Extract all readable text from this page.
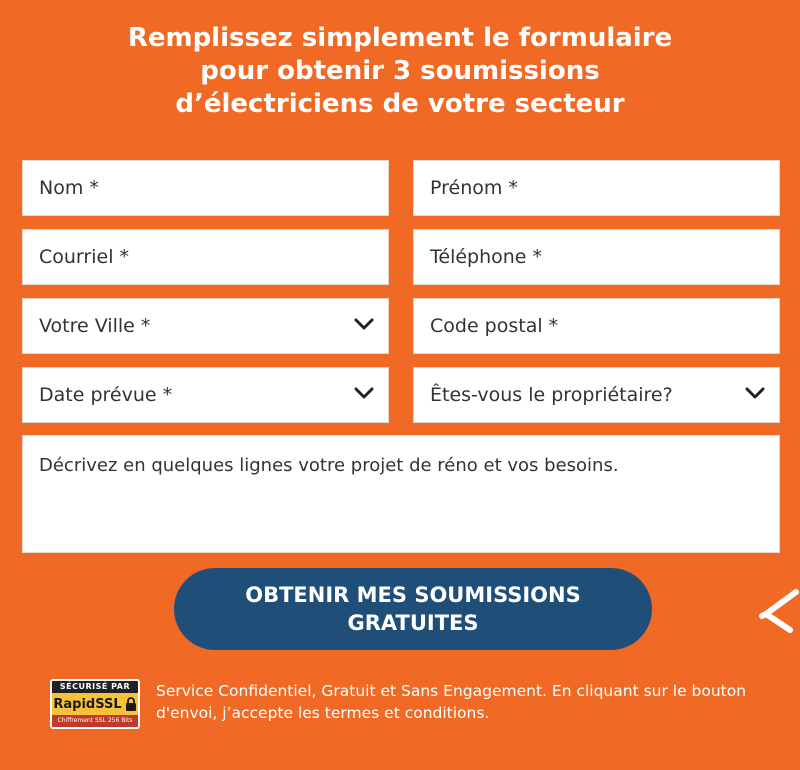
Remplissez simplement le formulaire
pour obtenir 3 soumissions
d’électriciens de votre secteur
Nom *	Prénom *
Courriel *	Téléphone *
Votre Ville *	Code postal *
Date prévue *	Êtes-vous le propriétaire?
Décrivez en quelques lignes votre projet de réno et vos besoins.
OBTENIR MES SOUMISSIONS
GRATUITES
SÉCURISÉ PAR
RapidSSL
Chiffrement SSL 256 Bits
Service Confidentiel, Gratuit et Sans Engagement. En cliquant sur le bouton d'envoi, j’accepte les termes et conditions.
